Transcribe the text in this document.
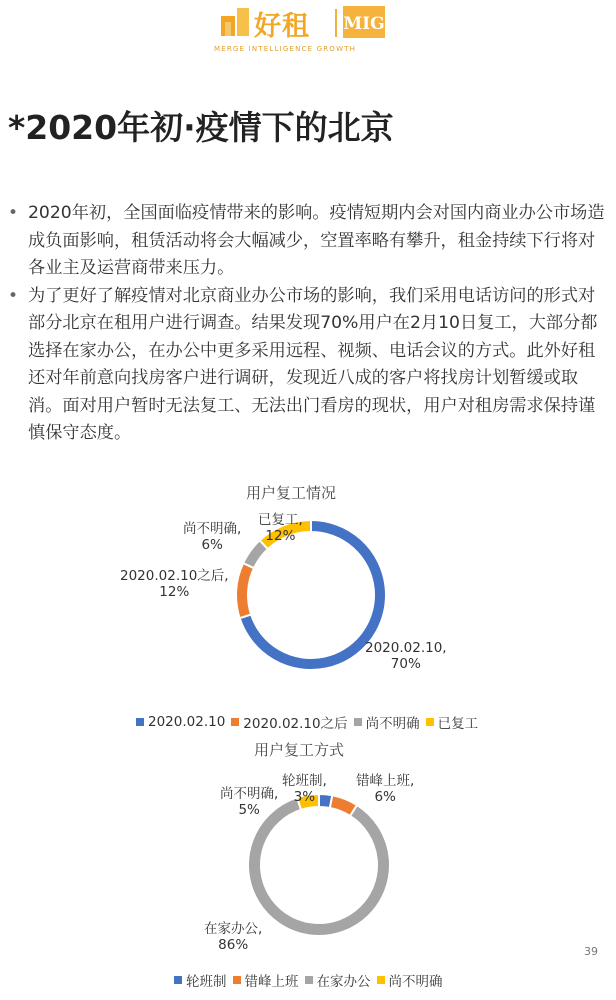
好租 MIG
MERGE INTELLIGENCE GROWTH
*2020年初·疫情下的北京
• 2020年初，全国面临疫情带来的影响。疫情短期内会对国内商业办公市场造成负面影响，租赁活动将会大幅减少，空置率略有攀升，租金持续下行将对各业主及运营商带来压力。
• 为了更好了解疫情对北京商业办公市场的影响，我们采用电话访问的形式对部分北京在租用户进行调查。结果发现70%用户在2月10日复工，大部分都选择在家办公，在办公中更多采用远程、视频、电话会议的方式。此外好租还对年前意向找房客户进行调研，发现近八成的客户将找房计划暂缓或取消。面对用户暂时无法复工、无法出门看房的现状，用户对租房需求保持谨慎保守态度。
用户复工情况
尚不明确,
6%
已复工,
12%
2020.02.10之后,
12%
2020.02.10,
70%
2020.02.10 2020.02.10之后 尚不明确 已复工
用户复工方式
轮班制,
3%
错峰上班,
6%
尚不明确,
5%
在家办公,
86%
轮班制 错峰上班 在家办公 尚不明确
39
